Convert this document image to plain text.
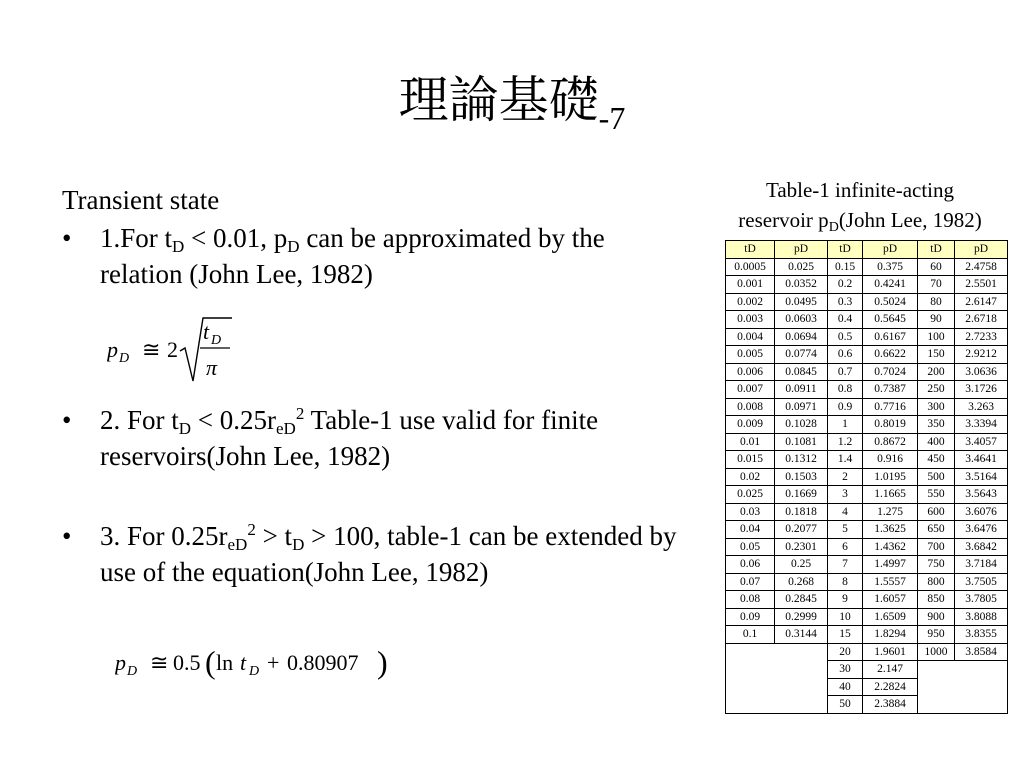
理論基礎$_{-7}$
Transient state
• 1.For $t_D < 0.01$, $p_D$ can be approximated by the relation (John Lee, 1982)
• 2. For $t_D < 0.25r_{eD}^2$ Table-1 use valid for finite reservoirs(John Lee, 1982)
• 3. For $0.25r_{eD}^2 > t_D > 100$, table-1 can be extended by use of the equation(John Lee, 1982)
p D ≅ 2
t D
π
p D ≅ 0.5 ( ln t D + 0.80907 )
Table-1 infinite-acting
reservoir $p_D(John$ Lee, 1982)
tD	pD	tD	pD	tD	pD
0.0005	0.025	0.15	0.375	60	2.4758
0.001	0.0352	0.2	0.4241	70	2.5501
0.002	0.0495	0.3	0.5024	80	2.6147
0.003	0.0603	0.4	0.5645	90	2.6718
0.004	0.0694	0.5	0.6167	100	2.7233
0.005	0.0774	0.6	0.6622	150	2.9212
0.006	0.0845	0.7	0.7024	200	3.0636
0.007	0.0911	0.8	0.7387	250	3.1726
0.008	0.0971	0.9	0.7716	300	3.263
0.009	0.1028	1	0.8019	350	3.3394
0.01	0.1081	1.2	0.8672	400	3.4057
0.015	0.1312	1.4	0.916	450	3.4641
0.02	0.1503	2	1.0195	500	3.5164
0.025	0.1669	3	1.1665	550	3.5643
0.03	0.1818	4	1.275	600	3.6076
0.04	0.2077	5	1.3625	650	3.6476
0.05	0.2301	6	1.4362	700	3.6842
0.06	0.25	7	1.4997	750	3.7184
0.07	0.268	8	1.5557	800	3.7505
0.08	0.2845	9	1.6057	850	3.7805
0.09	0.2999	10	1.6509	900	3.8088
0.1	0.3144	15	1.8294	950	3.8355
		20	1.9601	1000	3.8584
		30	2.147		
		40	2.2824		
		50	2.3884		
